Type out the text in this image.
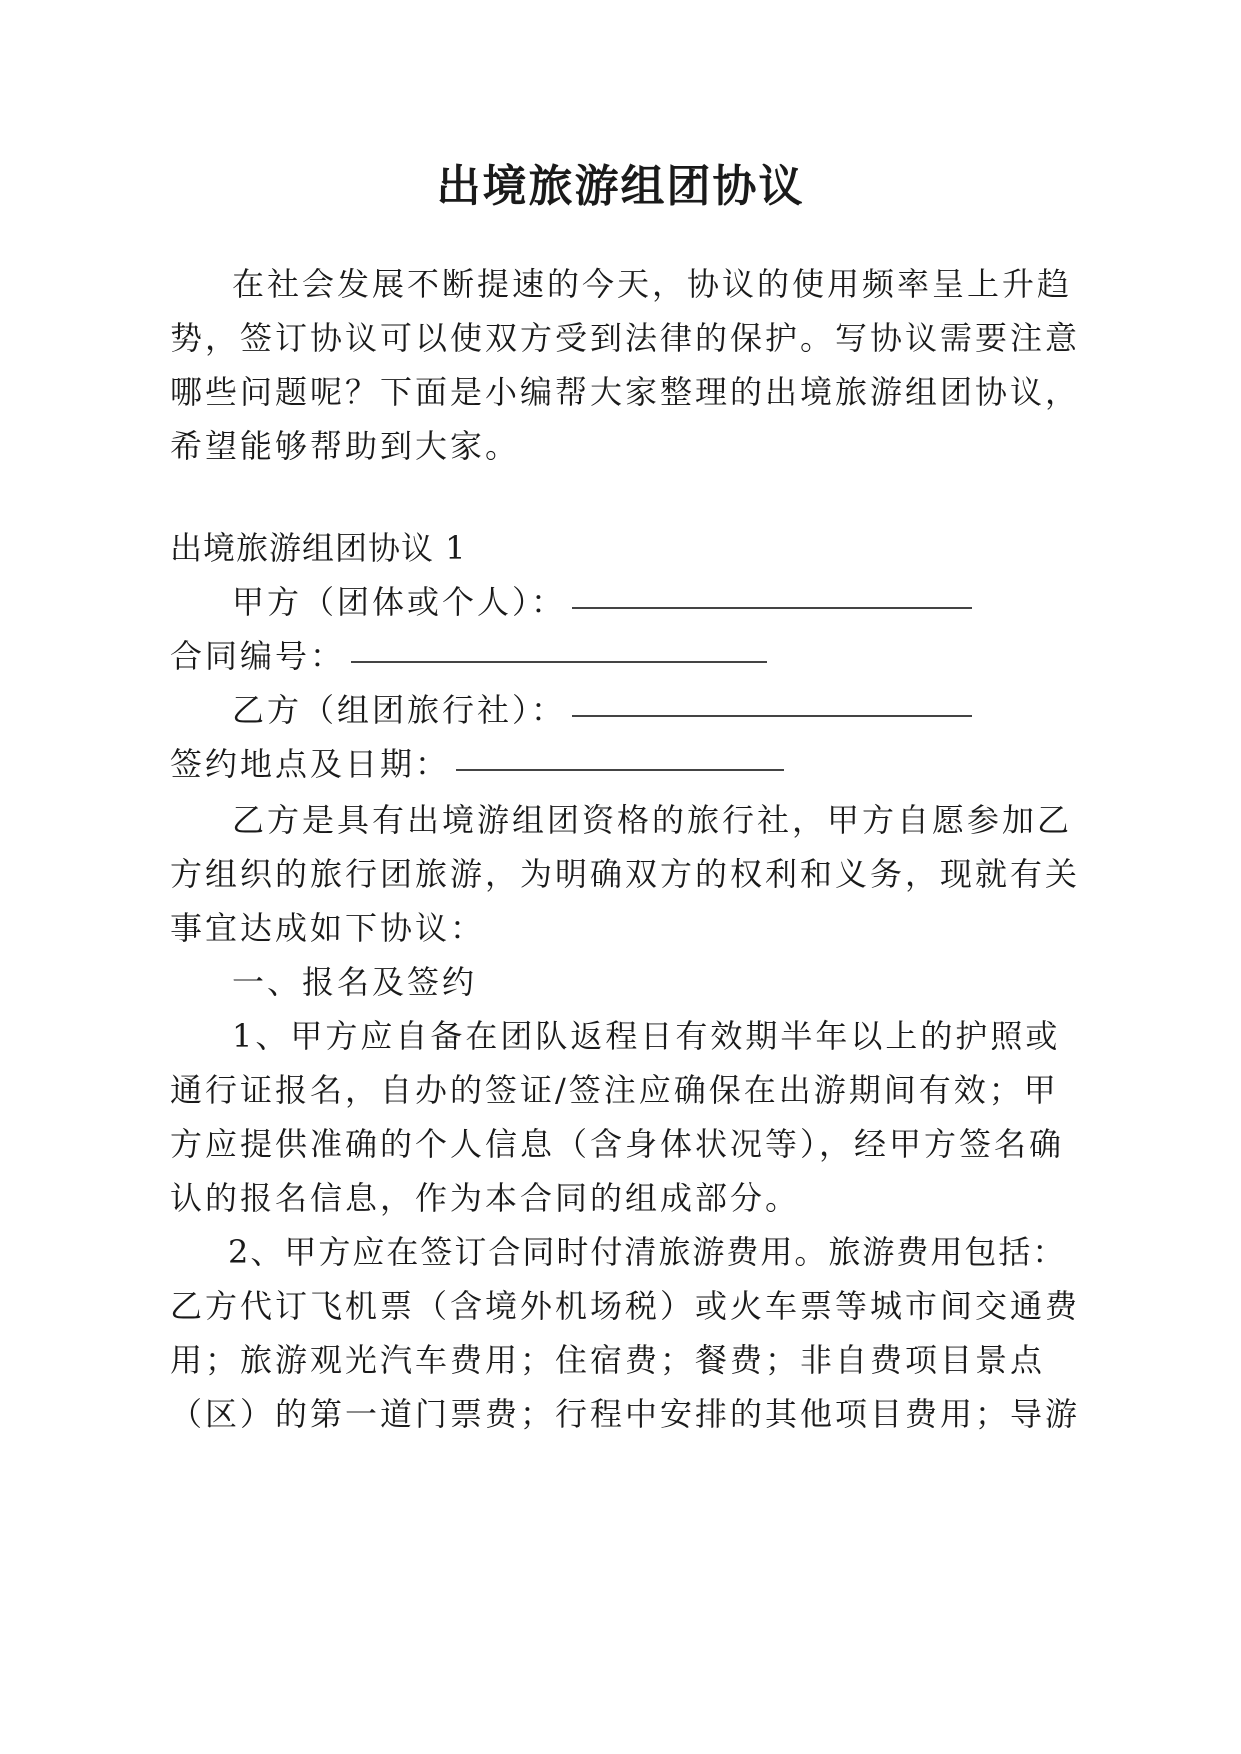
出境旅游组团协议
在社会发展不断提速的今天，协议的使用频率呈上升趋
势，签订协议可以使双方受到法律的保护。写协议需要注意
哪些问题呢？下面是小编帮大家整理的出境旅游组团协议，
希望能够帮助到大家。
出境旅游组团协议 1
甲方（团体或个人）：
合同编号：
乙方（组团旅行社）：
签约地点及日期：
乙方是具有出境游组团资格的旅行社，甲方自愿参加乙
方组织的旅行团旅游，为明确双方的权利和义务，现就有关
事宜达成如下协议：
一、报名及签约
1、甲方应自备在团队返程日有效期半年以上的护照或
通行证报名，自办的签证/签注应确保在出游期间有效；甲
方应提供准确的个人信息（含身体状况等），经甲方签名确
认的报名信息，作为本合同的组成部分。
2、甲方应在签订合同时付清旅游费用。旅游费用包括：
乙方代订飞机票（含境外机场税）或火车票等城市间交通费
用；旅游观光汽车费用；住宿费；餐费；非自费项目景点
（区）的第一道门票费；行程中安排的其他项目费用；导游
